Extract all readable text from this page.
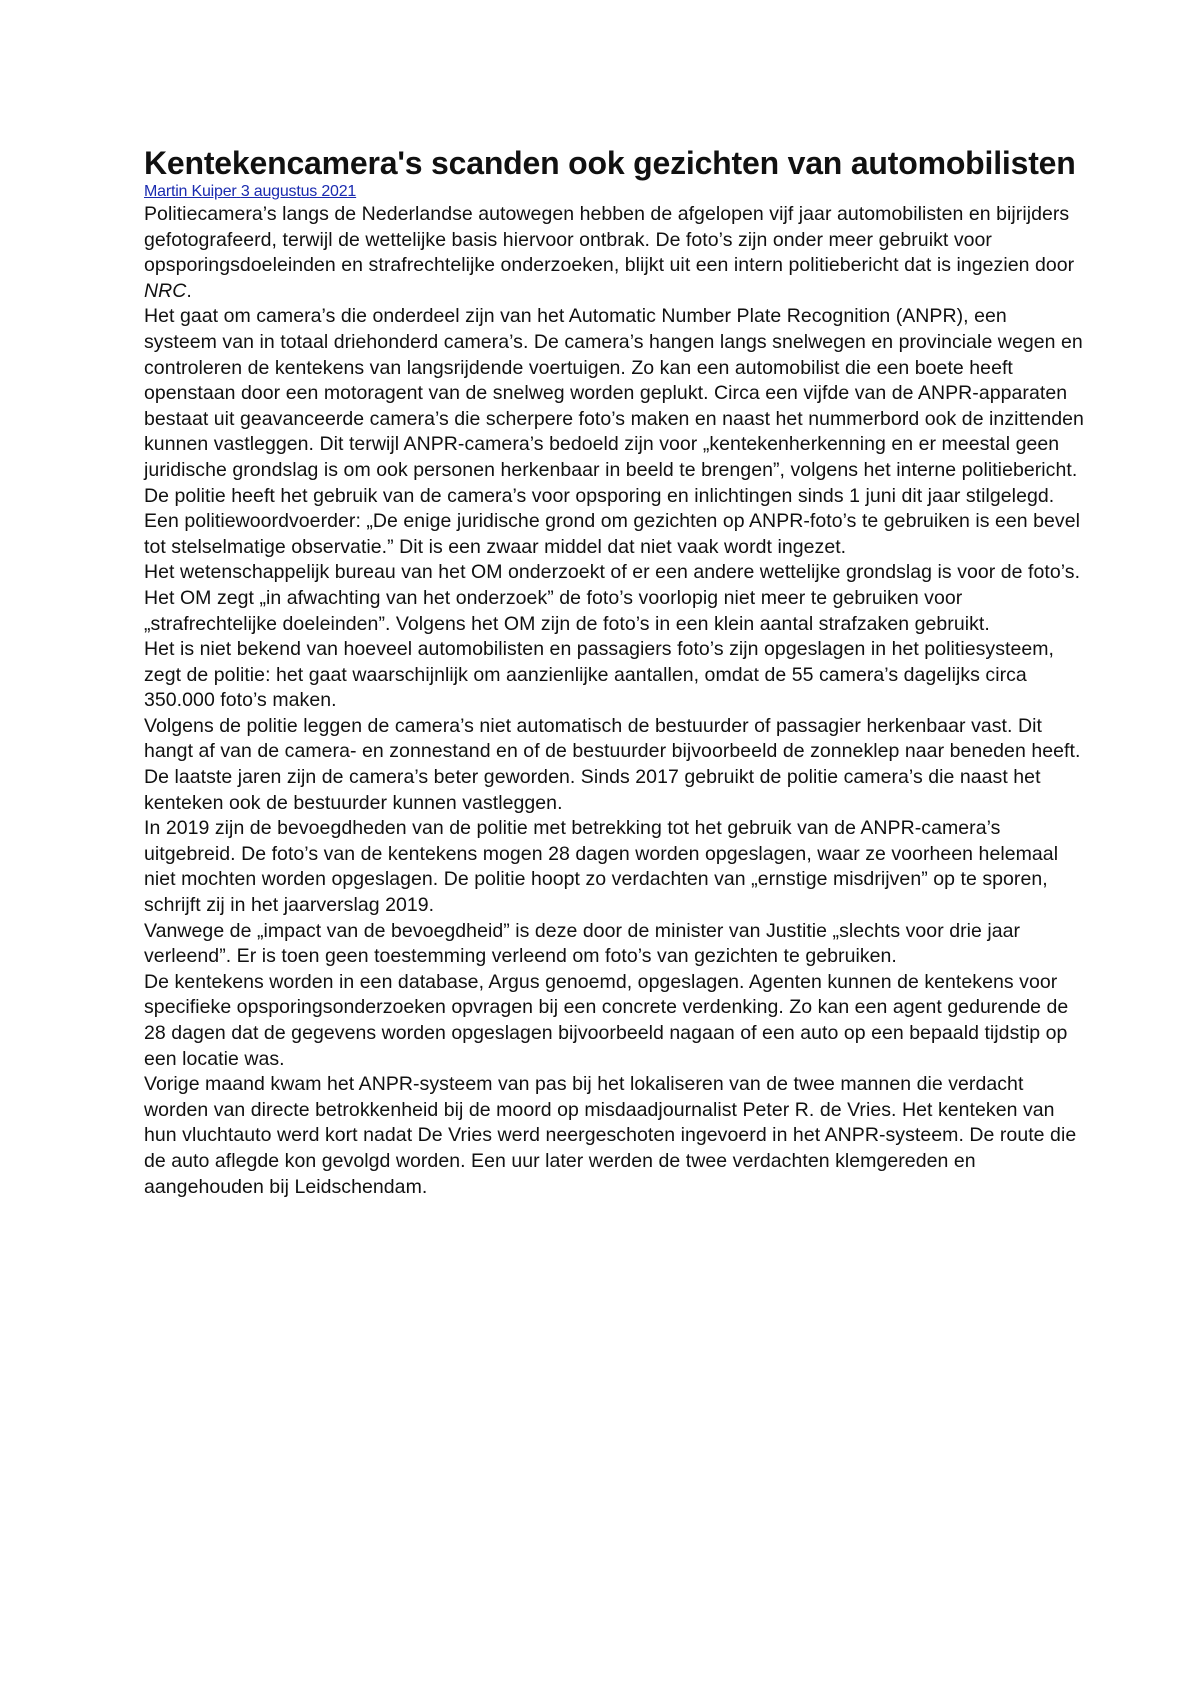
Kentekencamera's scanden ook gezichten van automobilisten
Martin Kuiper 3 augustus 2021

Politiecamera’s langs de Nederlandse autowegen hebben de afgelopen vijf jaar automobilisten en bijrijders gefotografeerd, terwijl de wettelijke basis hiervoor ontbrak. De foto’s zijn onder meer gebruikt voor opsporingsdoeleinden en strafrechtelijke onderzoeken, blijkt uit een intern politiebericht dat is ingezien door NRC.

Het gaat om camera’s die onderdeel zijn van het Automatic Number Plate Recognition (ANPR), een systeem van in totaal driehonderd camera’s. De camera’s hangen langs snelwegen en provinciale wegen en controleren de kentekens van langsrijdende voertuigen. Zo kan een automobilist die een boete heeft openstaan door een motoragent van de snelweg worden geplukt. Circa een vijfde van de ANPR-apparaten bestaat uit geavanceerde camera’s die scherpere foto’s maken en naast het nummerbord ook de inzittenden kunnen vastleggen. Dit terwijl ANPR-camera’s bedoeld zijn voor „kentekenherkenning en er meestal geen juridische grondslag is om ook personen herkenbaar in beeld te brengen”, volgens het interne politiebericht.

De politie heeft het gebruik van de camera’s voor opsporing en inlichtingen sinds 1 juni dit jaar stilgelegd. Een politiewoordvoerder: „De enige juridische grond om gezichten op ANPR-foto’s te gebruiken is een bevel tot stelselmatige observatie.” Dit is een zwaar middel dat niet vaak wordt ingezet.

Het wetenschappelijk bureau van het OM onderzoekt of er een andere wettelijke grondslag is voor de foto’s. Het OM zegt „in afwachting van het onderzoek” de foto’s voorlopig niet meer te gebruiken voor „strafrechtelijke doeleinden”. Volgens het OM zijn de foto’s in een klein aantal strafzaken gebruikt.

Het is niet bekend van hoeveel automobilisten en passagiers foto’s zijn opgeslagen in het politiesysteem, zegt de politie: het gaat waarschijnlijk om aanzienlijke aantallen, omdat de 55 camera’s dagelijks circa 350.000 foto’s maken.

Volgens de politie leggen de camera’s niet automatisch de bestuurder of passagier herkenbaar vast. Dit hangt af van de camera- en zonnestand en of de bestuurder bijvoorbeeld de zonneklep naar beneden heeft. De laatste jaren zijn de camera’s beter geworden. Sinds 2017 gebruikt de politie camera’s die naast het kenteken ook de bestuurder kunnen vastleggen.

In 2019 zijn de bevoegdheden van de politie met betrekking tot het gebruik van de ANPR-camera’s uitgebreid. De foto’s van de kentekens mogen 28 dagen worden opgeslagen, waar ze voorheen helemaal niet mochten worden opgeslagen. De politie hoopt zo verdachten van „ernstige misdrijven” op te sporen, schrijft zij in het jaarverslag 2019.

Vanwege de „impact van de bevoegdheid” is deze door de minister van Justitie „slechts voor drie jaar verleend”. Er is toen geen toestemming verleend om foto’s van gezichten te gebruiken.

De kentekens worden in een database, Argus genoemd, opgeslagen. Agenten kunnen de kentekens voor specifieke opsporingsonderzoeken opvragen bij een concrete verdenking. Zo kan een agent gedurende de 28 dagen dat de gegevens worden opgeslagen bijvoorbeeld nagaan of een auto op een bepaald tijdstip op een locatie was.

Vorige maand kwam het ANPR-systeem van pas bij het lokaliseren van de twee mannen die verdacht worden van directe betrokkenheid bij de moord op misdaadjournalist Peter R. de Vries. Het kenteken van hun vluchtauto werd kort nadat De Vries werd neergeschoten ingevoerd in het ANPR-systeem. De route die de auto aflegde kon gevolgd worden. Een uur later werden de twee verdachten klemgereden en aangehouden bij Leidschendam.
